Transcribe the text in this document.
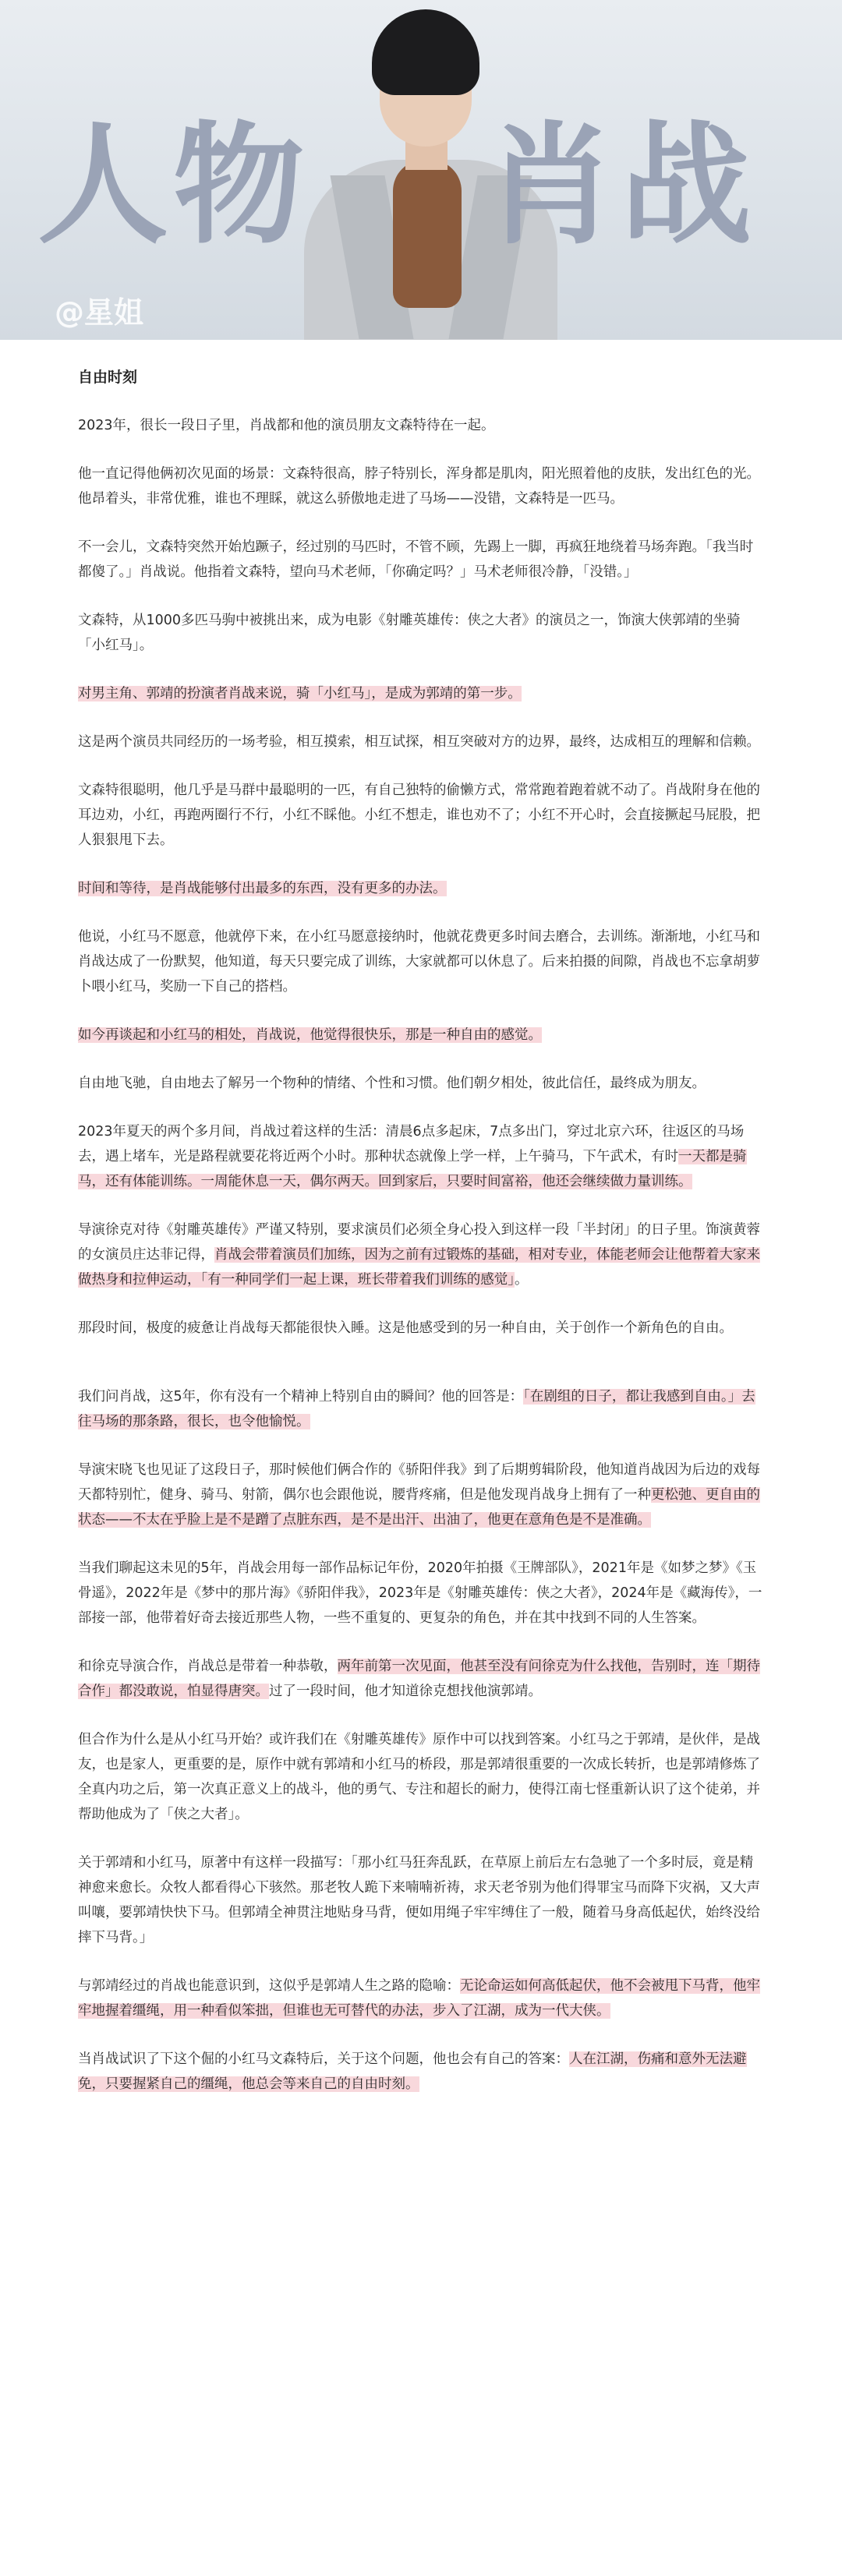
人物 肖战
@星姐
自由时刻

2023年，很长一段日子里，肖战都和他的演员朋友文森特待在一起。

他一直记得他俩初次见面的场景：文森特很高，脖子特别长，浑身都是肌肉，阳光照着他的皮肤，发出红色的光。他昂着头，非常优雅，谁也不理睬，就这么骄傲地走进了马场——没错，文森特是一匹马。

不一会儿，文森特突然开始尥蹶子，经过别的马匹时，不管不顾，先踢上一脚，再疯狂地绕着马场奔跑。「我当时都傻了。」肖战说。他指着文森特，望向马术老师，「你确定吗？」马术老师很冷静，「没错。」

文森特，从1000多匹马驹中被挑出来，成为电影《射雕英雄传：侠之大者》的演员之一，饰演大侠郭靖的坐骑「小红马」。

对男主角、郭靖的扮演者肖战来说，骑「小红马」，是成为郭靖的第一步。

这是两个演员共同经历的一场考验，相互摸索，相互试探，相互突破对方的边界，最终，达成相互的理解和信赖。

文森特很聪明，他几乎是马群中最聪明的一匹，有自己独特的偷懒方式，常常跑着跑着就不动了。肖战附身在他的耳边劝，小红，再跑两圈行不行，小红不睬他。小红不想走，谁也劝不了；小红不开心时，会直接撅起马屁股，把人狠狠甩下去。

时间和等待，是肖战能够付出最多的东西，没有更多的办法。

他说，小红马不愿意，他就停下来，在小红马愿意接纳时，他就花费更多时间去磨合，去训练。渐渐地，小红马和肖战达成了一份默契，他知道，每天只要完成了训练，大家就都可以休息了。后来拍摄的间隙，肖战也不忘拿胡萝卜喂小红马，奖励一下自己的搭档。

如今再谈起和小红马的相处，肖战说，他觉得很快乐，那是一种自由的感觉。

自由地飞驰，自由地去了解另一个物种的情绪、个性和习惯。他们朝夕相处，彼此信任，最终成为朋友。

2023年夏天的两个多月间，肖战过着这样的生活：清晨6点多起床，7点多出门，穿过北京六环，往返区的马场去，遇上堵车，光是路程就要花将近两个小时。那种状态就像上学一样，上午骑马，下午武术，有时一天都是骑马，还有体能训练。一周能休息一天，偶尔两天。回到家后，只要时间富裕，他还会继续做力量训练。

导演徐克对待《射雕英雄传》严谨又特别，要求演员们必须全身心投入到这样一段「半封闭」的日子里。饰演黄蓉的女演员庄达菲记得，肖战会带着演员们加练，因为之前有过锻炼的基础，相对专业，体能老师会让他帮着大家来做热身和拉伸运动，「有一种同学们一起上课，班长带着我们训练的感觉」。

那段时间，极度的疲惫让肖战每天都能很快入睡。这是他感受到的另一种自由，关于创作一个新角色的自由。

我们问肖战，这5年，你有没有一个精神上特别自由的瞬间？他的回答是：「在剧组的日子，都让我感到自由。」去往马场的那条路，很长，也令他愉悦。

导演宋晓飞也见证了这段日子，那时候他们俩合作的《骄阳伴我》到了后期剪辑阶段，他知道肖战因为后边的戏每天都特别忙，健身、骑马、射箭，偶尔也会跟他说，腰背疼痛，但是他发现肖战身上拥有了一种更松弛、更自由的状态——不太在乎脸上是不是蹭了点脏东西，是不是出汗、出油了，他更在意角色是不是准确。

当我们聊起这未见的5年，肖战会用每一部作品标记年份，2020年拍摄《王牌部队》，2021年是《如梦之梦》《玉骨遥》，2022年是《梦中的那片海》《骄阳伴我》，2023年是《射雕英雄传：侠之大者》，2024年是《藏海传》，一部接一部，他带着好奇去接近那些人物，一些不重复的、更复杂的角色，并在其中找到不同的人生答案。

和徐克导演合作，肖战总是带着一种恭敬，两年前第一次见面，他甚至没有问徐克为什么找他，告别时，连「期待合作」都没敢说，怕显得唐突。过了一段时间，他才知道徐克想找他演郭靖。

但合作为什么是从小红马开始？或许我们在《射雕英雄传》原作中可以找到答案。小红马之于郭靖，是伙伴，是战友，也是家人，更重要的是，原作中就有郭靖和小红马的桥段，那是郭靖很重要的一次成长转折，也是郭靖修炼了全真内功之后，第一次真正意义上的战斗，他的勇气、专注和超长的耐力，使得江南七怪重新认识了这个徒弟，并帮助他成为了「侠之大者」。

关于郭靖和小红马，原著中有这样一段描写：「那小红马狂奔乱跃，在草原上前后左右急驰了一个多时辰，竟是精神愈来愈长。众牧人都看得心下骇然。那老牧人跪下来喃喃祈祷，求天老爷别为他们得罪宝马而降下灾祸，又大声叫嚷，要郭靖快快下马。但郭靖全神贯注地贴身马背，便如用绳子牢牢缚住了一般，随着马身高低起伏，始终没给摔下马背。」

与郭靖经过的肖战也能意识到，这似乎是郭靖人生之路的隐喻：无论命运如何高低起伏，他不会被甩下马背，他牢牢地握着缰绳，用一种看似笨拙，但谁也无可替代的办法，步入了江湖，成为一代大侠。

当肖战试识了下这个倔的小红马文森特后，关于这个问题，他也会有自己的答案：人在江湖，伤痛和意外无法避免，只要握紧自己的缰绳，他总会等来自己的自由时刻。
